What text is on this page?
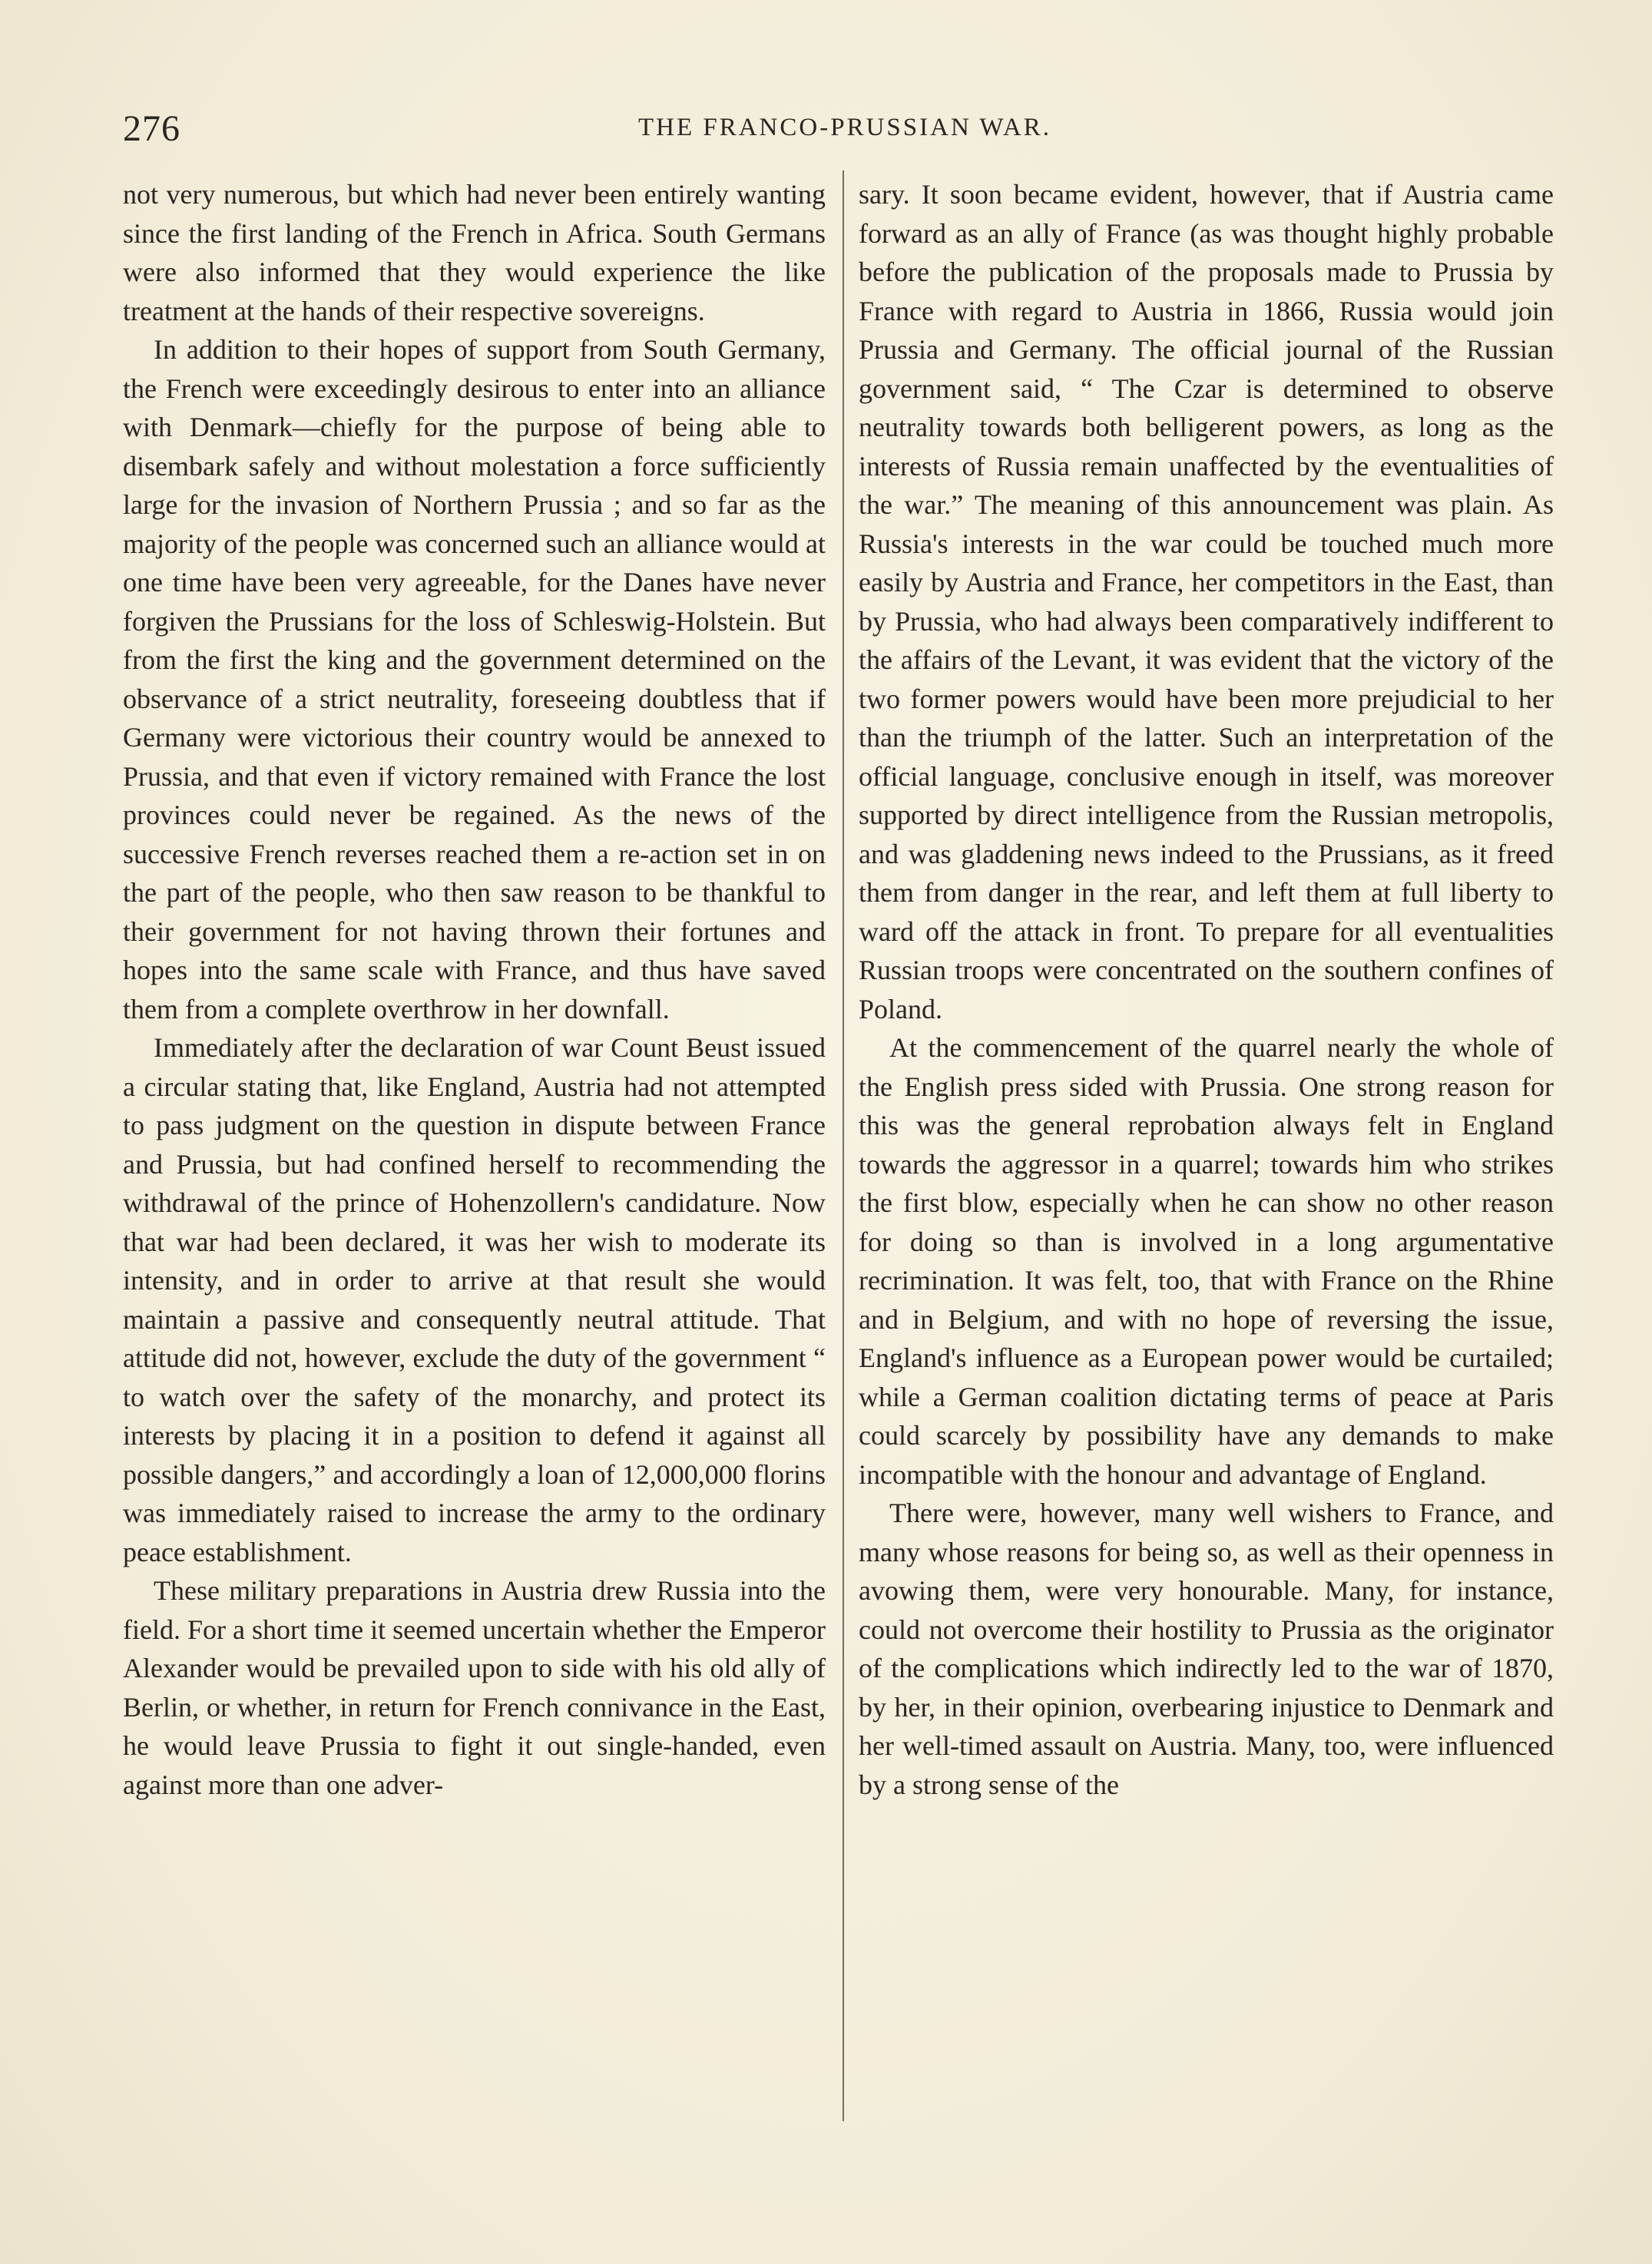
276	THE FRANCO-PRUSSIAN WAR.

not very numerous, but which had never been entirely wanting since the first landing of the French in Africa. South Germans were also informed that they would experience the like treatment at the hands of their respective sovereigns.

In addition to their hopes of support from South Germany, the French were exceedingly desirous to enter into an alliance with Denmark—chiefly for the purpose of being able to disembark safely and without molestation a force sufficiently large for the invasion of Northern Prussia ; and so far as the majority of the people was concerned such an alliance would at one time have been very agreeable, for the Danes have never forgiven the Prussians for the loss of Schleswig-Holstein. But from the first the king and the government determined on the observance of a strict neutrality, foreseeing doubtless that if Germany were victorious their country would be annexed to Prussia, and that even if victory remained with France the lost provinces could never be regained. As the news of the successive French reverses reached them a re-action set in on the part of the people, who then saw reason to be thankful to their government for not having thrown their fortunes and hopes into the same scale with France, and thus have saved them from a complete overthrow in her downfall.

Immediately after the declaration of war Count Beust issued a circular stating that, like England, Austria had not attempted to pass judgment on the question in dispute between France and Prussia, but had confined herself to recommending the withdrawal of the prince of Hohenzollern's candidature. Now that war had been declared, it was her wish to moderate its intensity, and in order to arrive at that result she would maintain a passive and consequently neutral attitude. That attitude did not, however, exclude the duty of the government “ to watch over the safety of the monarchy, and protect its interests by placing it in a position to defend it against all possible dangers,” and accordingly a loan of 12,000,000 florins was immediately raised to increase the army to the ordinary peace establishment.

These military preparations in Austria drew Russia into the field. For a short time it seemed uncertain whether the Emperor Alexander would be prevailed upon to side with his old ally of Berlin, or whether, in return for French connivance in the East, he would leave Prussia to fight it out single-handed, even against more than one adver-

sary. It soon became evident, however, that if Austria came forward as an ally of France (as was thought highly probable before the publication of the proposals made to Prussia by France with regard to Austria in 1866, Russia would join Prussia and Germany. The official journal of the Russian government said, “ The Czar is determined to observe neutrality towards both belligerent powers, as long as the interests of Russia remain unaffected by the eventualities of the war.” The meaning of this announcement was plain. As Russia's interests in the war could be touched much more easily by Austria and France, her competitors in the East, than by Prussia, who had always been comparatively indifferent to the affairs of the Levant, it was evident that the victory of the two former powers would have been more prejudicial to her than the triumph of the latter. Such an interpretation of the official language, conclusive enough in itself, was moreover supported by direct intelligence from the Russian metropolis, and was gladdening news indeed to the Prussians, as it freed them from danger in the rear, and left them at full liberty to ward off the attack in front. To prepare for all eventualities Russian troops were concentrated on the southern confines of Poland.

At the commencement of the quarrel nearly the whole of the English press sided with Prussia. One strong reason for this was the general reprobation always felt in England towards the aggressor in a quarrel; towards him who strikes the first blow, especially when he can show no other reason for doing so than is involved in a long argumentative recrimination. It was felt, too, that with France on the Rhine and in Belgium, and with no hope of reversing the issue, England's influence as a European power would be curtailed; while a German coalition dictating terms of peace at Paris could scarcely by possibility have any demands to make incompatible with the honour and advantage of England.

There were, however, many well wishers to France, and many whose reasons for being so, as well as their openness in avowing them, were very honourable. Many, for instance, could not overcome their hostility to Prussia as the originator of the complications which indirectly led to the war of 1870, by her, in their opinion, overbearing injustice to Denmark and her well-timed assault on Austria. Many, too, were influenced by a strong sense of the
